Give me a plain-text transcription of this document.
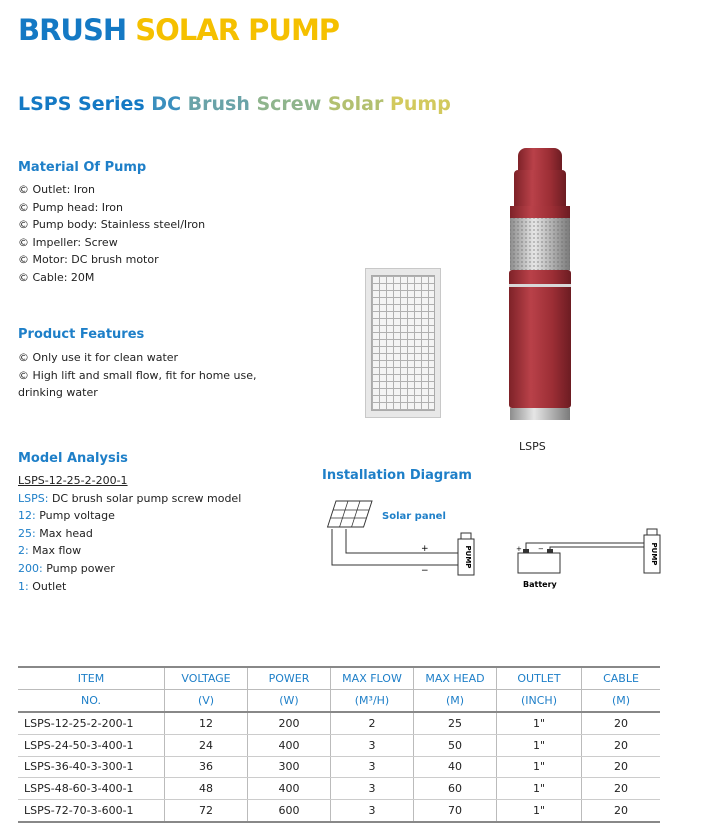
BRUSH SOLAR PUMP
LSPS Series DC Brush Screw Solar Pump
Material Of Pump
© Outlet: Iron
© Pump head: Iron
© Pump body: Stainless steel/Iron
© Impeller: Screw
© Motor: DC brush motor
© Cable: 20M
Product Features
© Only use it for clean water
© High lift and small flow, fit for home use,
drinking water
LSPS
Model Analysis
LSPS-12-25-2-200-1
LSPS: DC brush solar pump screw model
12: Pump voltage
25: Max head
2: Max flow
200: Pump power
1: Outlet
Installation Diagram
+
−
PUMP
Solar panel
+ −
Battery
PUMP
ITEM	VOLTAGE	POWER	MAX FLOW	MAX HEAD	OUTLET	CABLE
NO.	(V)	(W)	(M³/H)	(M)	(INCH)	(M)
LSPS-12-25-2-200-1	12	200	2	25	1"	20
LSPS-24-50-3-400-1	24	400	3	50	1"	20
LSPS-36-40-3-300-1	36	300	3	40	1"	20
LSPS-48-60-3-400-1	48	400	3	60	1"	20
LSPS-72-70-3-600-1	72	600	3	70	1"	20
